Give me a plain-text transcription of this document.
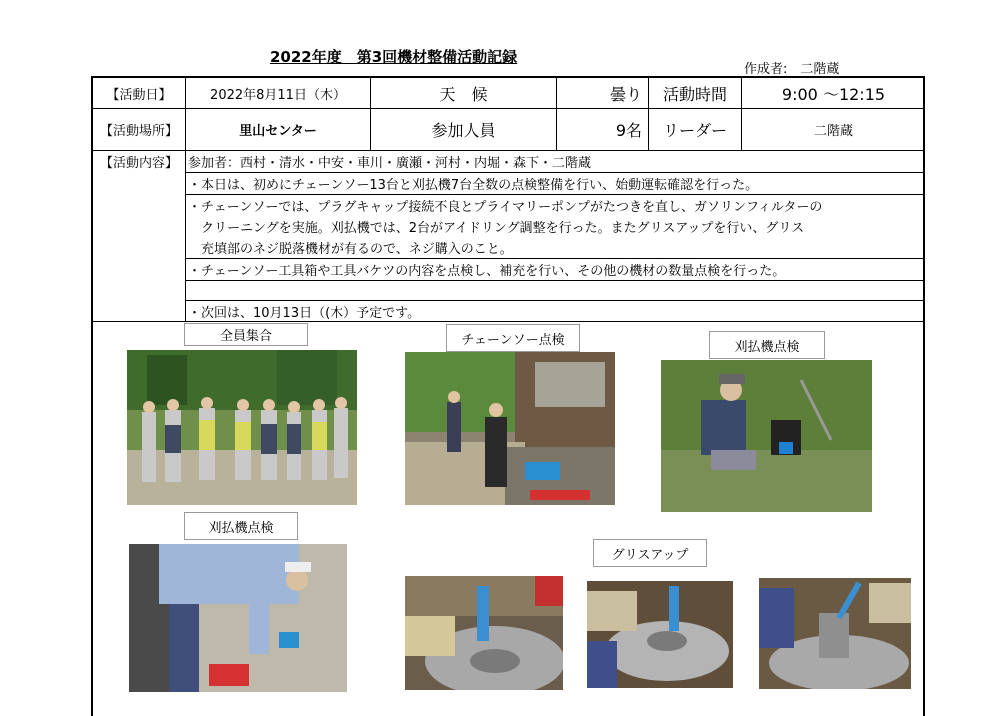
2022年度　第3回機材整備活動記録
作成者:　二階蔵
【活動日】	2022年8月11日（木）	天　候	曇り	活動時間	9:00 ～12:15
【活動場所】	里山センター	参加人員	9名	リーダー	二階蔵
【活動内容】 参加者：西村・清水・中安・車川・廣瀬・河村・内堀・森下・二階蔵
・本日は、初めにチェーンソー13台と刈払機7台全数の点検整備を行い、始動運転確認を行った。
・チェーンソーでは、プラグキャップ接続不良とプライマリーポンプがたつきを直し、ガソリンフィルターの
　クリーニングを実施。刈払機では、2台がアイドリング調整を行った。またグリスアップを行い、グリス
　充填部のネジ脱落機材が有るので、ネジ購入のこと。
・チェーンソー工具箱や工具バケツの内容を点検し、補充を行い、その他の機材の数量点検を行った。
・次回は、10月13日（(木）予定です。
全員集合	チェーンソー点検	刈払機点検
刈払機点検
グリスアップ
